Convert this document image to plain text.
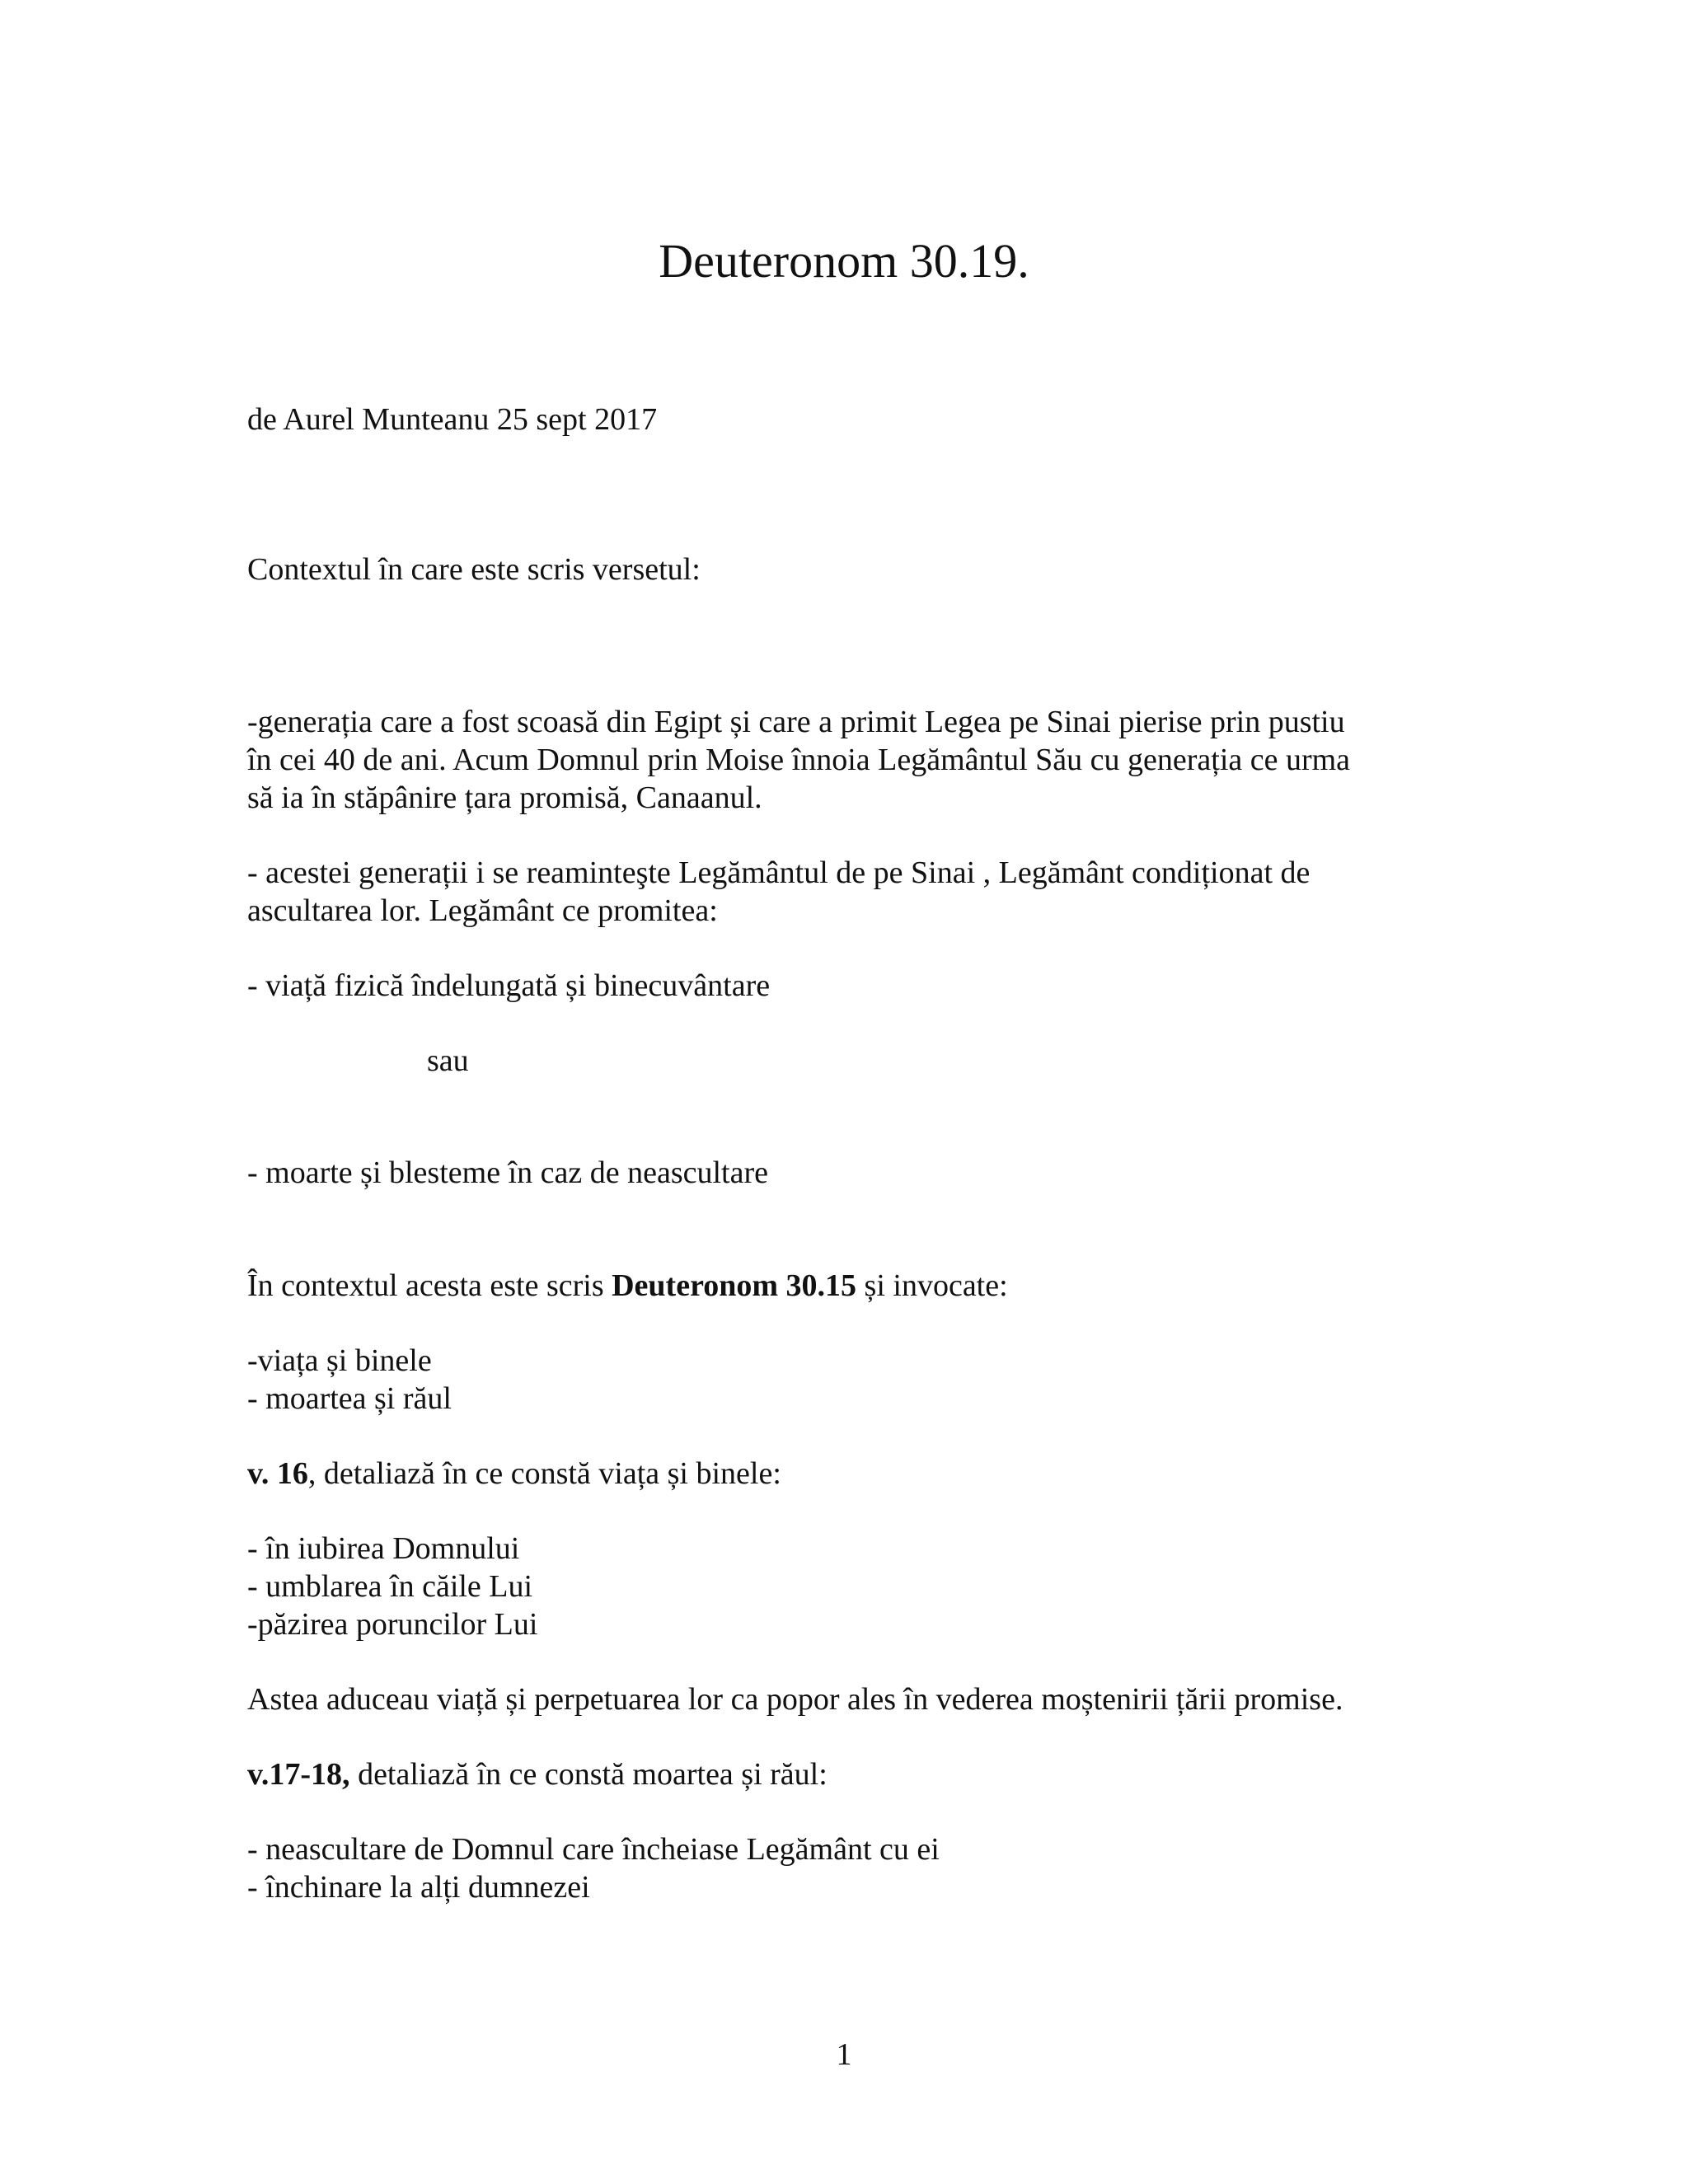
Deuteronom 30.19.
de Aurel Munteanu 25 sept 2017
Contextul în care este scris versetul:
-generația care a fost scoasă din Egipt și care a primit Legea pe Sinai pierise prin pustiu
în cei 40 de ani. Acum Domnul prin Moise înnoia Legământul Său cu generația ce urma
să ia în stăpânire țara promisă, Canaanul.
- acestei generații i se reaminteşte Legământul de pe Sinai , Legământ condiționat de
ascultarea lor. Legământ ce promitea:
- viață fizică îndelungată și binecuvântare
sau
- moarte și blesteme în caz de neascultare
În contextul acesta este scris Deuteronom 30.15 și invocate:
-viața și binele
- moartea și răul
v. 16, detaliază în ce constă viața și binele:
- în iubirea Domnului
- umblarea în căile Lui
-păzirea poruncilor Lui
Astea aduceau viață și perpetuarea lor ca popor ales în vederea moștenirii țării promise.
v.17-18, detaliază în ce constă moartea și răul:
- neascultare de Domnul care încheiase Legământ cu ei
- închinare la alți dumnezei
1
